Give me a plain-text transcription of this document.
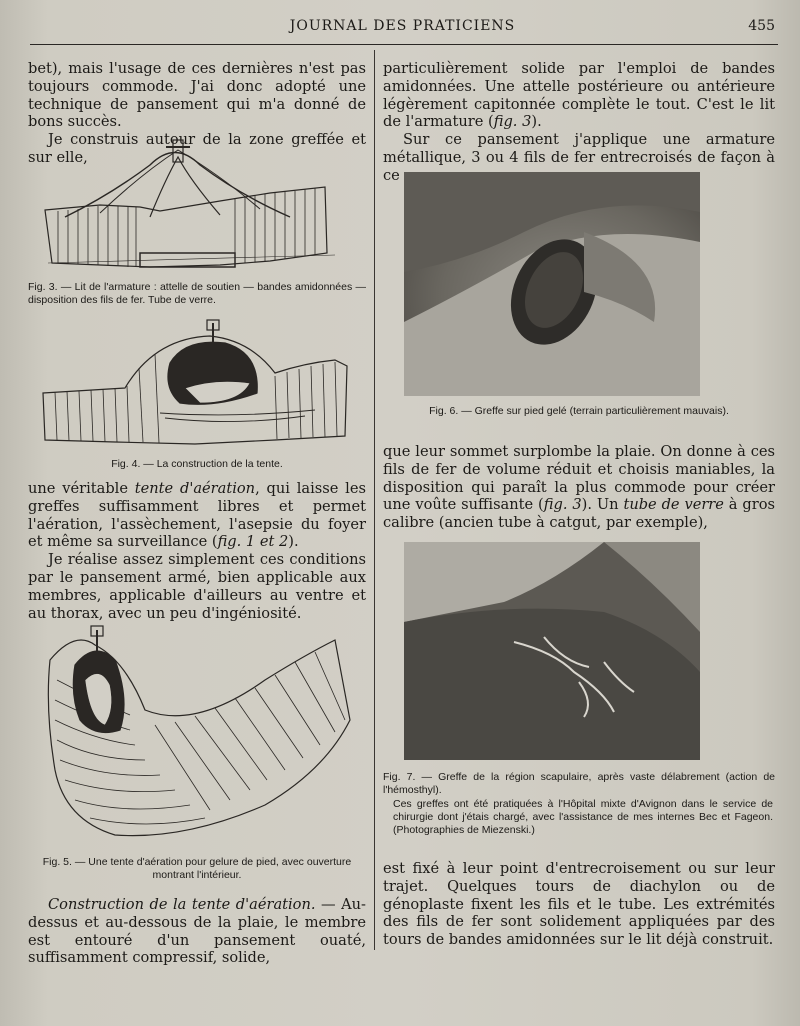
JOURNAL DES PRATICIENS	455

bet), mais l'usage de ces dernières n'est pas toujours commode. J'ai donc adopté une technique de pansement qui m'a donné de bons succès.

Je construis autour de la zone greffée et sur elle,

Fig. 3. — Lit de l'armature : attelle de soutien — bandes amidonnées — disposition des fils de fer. Tube de verre.
Fig. 4. — La construction de la tente.

une véritable tente d'aération, qui laisse les greffes suffisamment libres et permet l'aération, l'assèchement, l'asepsie du foyer et même sa surveillance (fig. 1 et 2).

Je réalise assez simplement ces conditions par le pansement armé, bien applicable aux membres, applicable d'ailleurs au ventre et au thorax, avec un peu d'ingéniosité.

Fig. 5. — Une tente d'aération pour gelure de pied, avec ouverture montrant l'intérieur.

Construction de la tente d'aération. — Au-dessus et au-dessous de la plaie, le membre est entouré d'un pansement ouaté, suffisamment compressif, solide,

particulièrement solide par l'emploi de bandes amidonnées. Une attelle postérieure ou antérieure légèrement capitonnée complète le tout. C'est le lit de l'armature (fig. 3).

Sur ce pansement j'applique une armature métallique, 3 ou 4 fils de fer entrecroisés de façon à ce

Fig. 6. — Greffe sur pied gelé (terrain particulièrement mauvais).

que leur sommet surplombe la plaie. On donne à ces fils de fer de volume réduit et choisis maniables, la disposition qui paraît la plus commode pour créer une voûte suffisante (fig. 3). Un tube de verre à gros calibre (ancien tube à catgut, par exemple),

Fig. 7. — Greffe de la région scapulaire, après vaste délabrement (action de l'hémosthyl).
Ces greffes ont été pratiquées à l'Hôpital mixte d'Avignon dans le service de chirurgie dont j'étais chargé, avec l'assistance de mes internes Bec et Fageon. (Photographies de Miezenski.)

est fixé à leur point d'entrecroisement ou sur leur trajet. Quelques tours de diachylon ou de génoplaste fixent les fils et le tube. Les extrémités des fils de fer sont solidement appliquées par des tours de bandes amidonnées sur le lit déjà construit.
